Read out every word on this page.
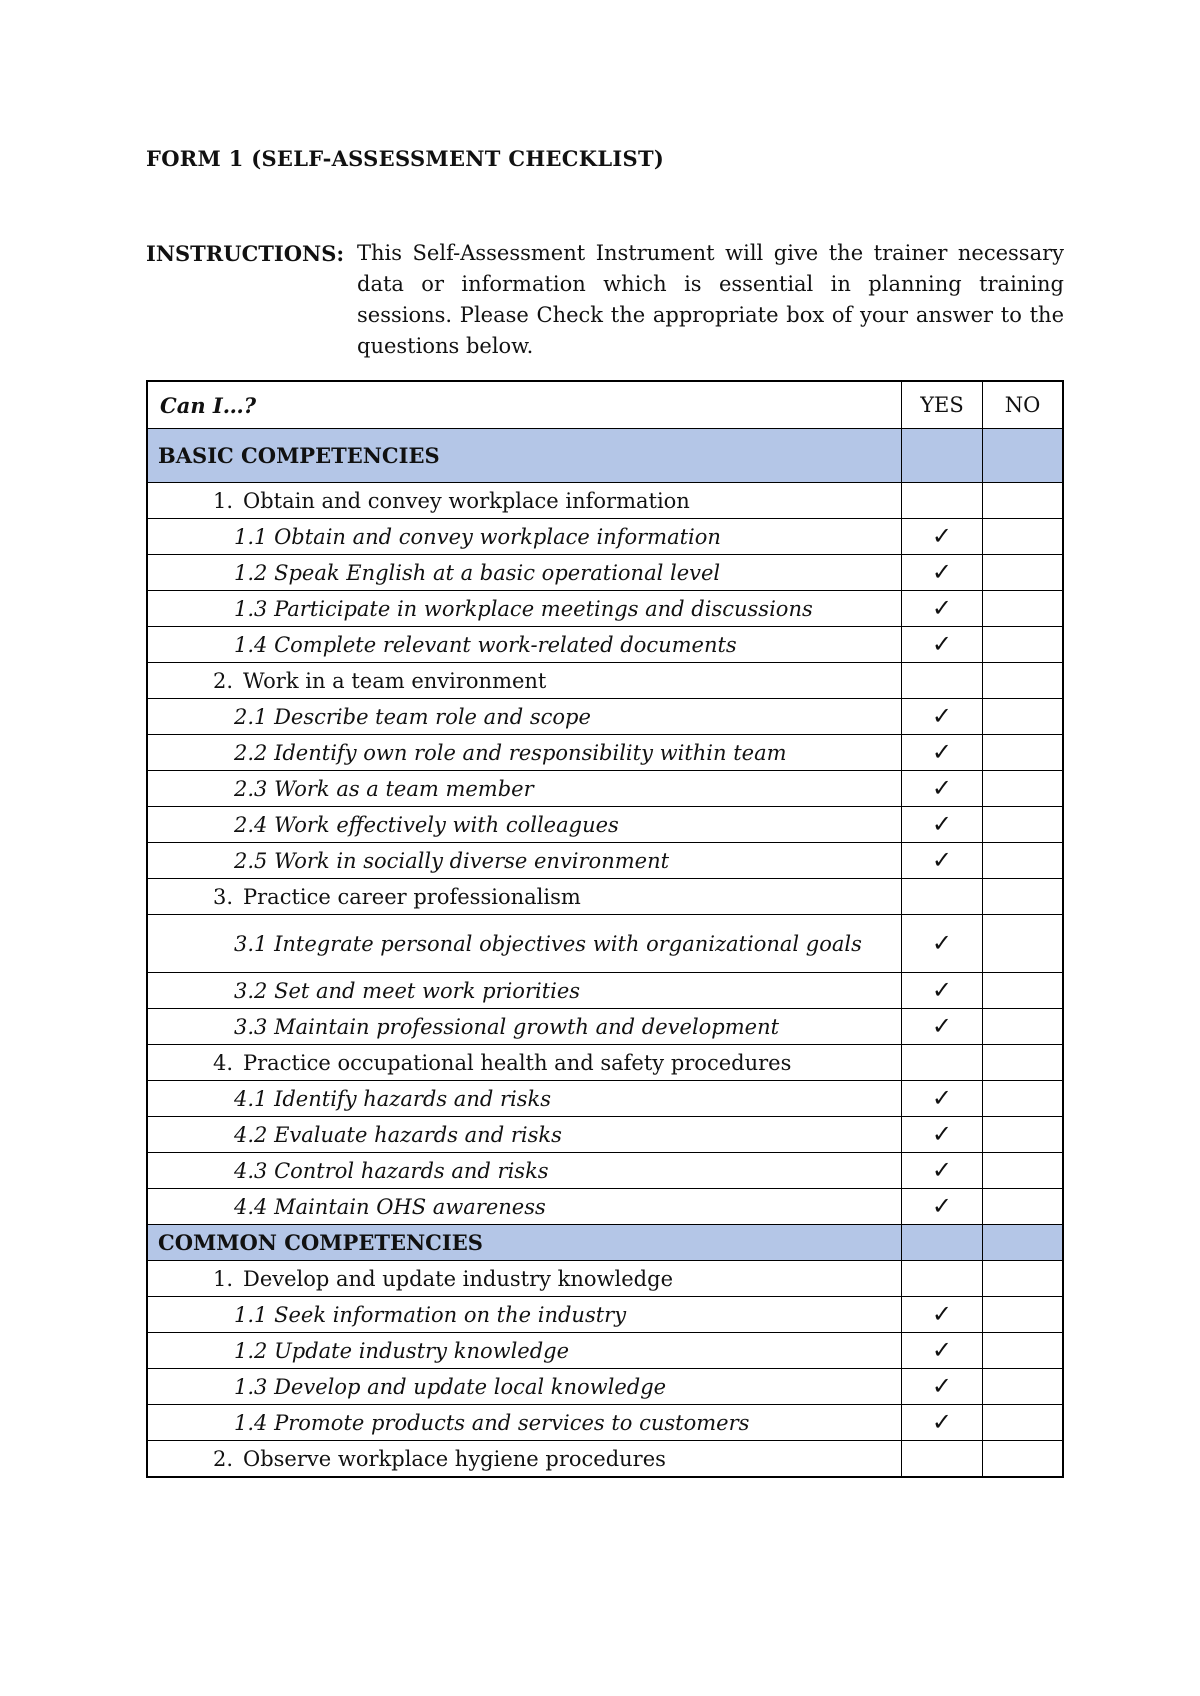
FORM 1 (SELF-ASSESSMENT CHECKLIST)
INSTRUCTIONS: This Self-Assessment Instrument will give the trainer necessary data or information which is essential in planning training sessions. Please Check the appropriate box of your answer to the questions below.
Can I…?	YES	NO
BASIC COMPETENCIES		
1. Obtain and convey workplace information		
1.1 Obtain and convey workplace information	✓	
1.2 Speak English at a basic operational level	✓	
1.3 Participate in workplace meetings and discussions	✓	
1.4 Complete relevant work-related documents	✓	
2. Work in a team environment		
2.1 Describe team role and scope	✓	
2.2 Identify own role and responsibility within team	✓	
2.3 Work as a team member	✓	
2.4 Work effectively with colleagues	✓	
2.5 Work in socially diverse environment	✓	
3. Practice career professionalism		
3.1 Integrate personal objectives with organizational goals	✓	
3.2 Set and meet work priorities	✓	
3.3 Maintain professional growth and development	✓	
4. Practice occupational health and safety procedures		
4.1 Identify hazards and risks	✓	
4.2 Evaluate hazards and risks	✓	
4.3 Control hazards and risks	✓	
4.4 Maintain OHS awareness	✓	
COMMON COMPETENCIES		
1. Develop and update industry knowledge		
1.1 Seek information on the industry	✓	
1.2 Update industry knowledge	✓	
1.3 Develop and update local knowledge	✓	
1.4 Promote products and services to customers	✓	
2. Observe workplace hygiene procedures		
